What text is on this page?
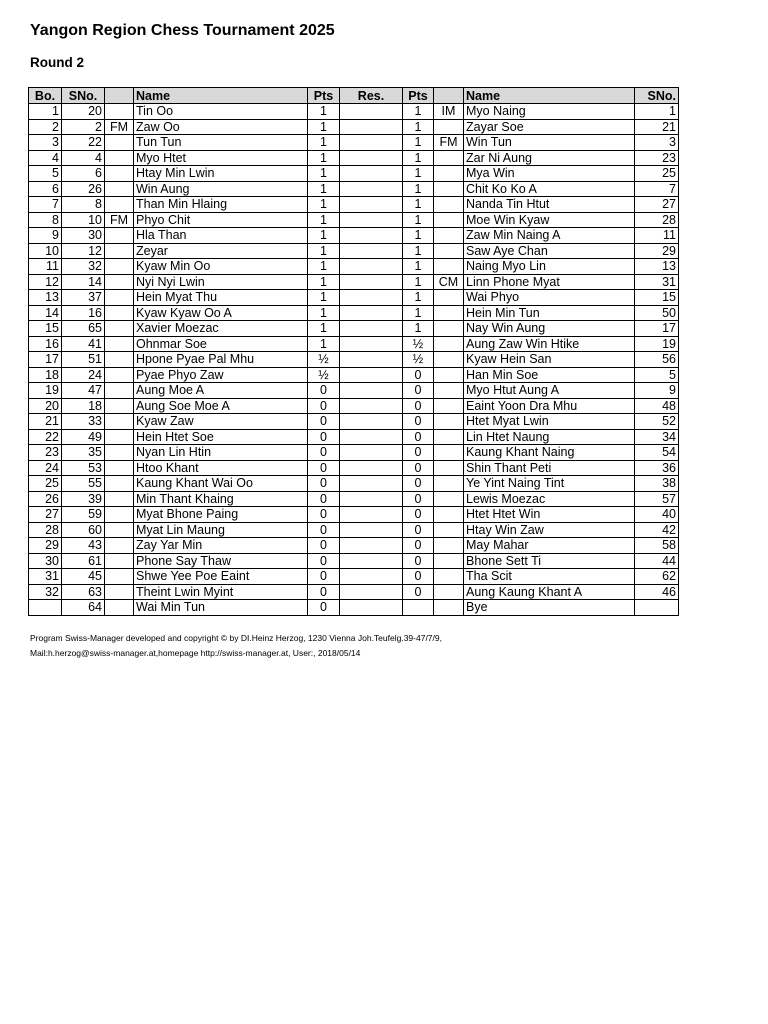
Yangon Region Chess Tournament 2025
Round 2
Bo.	SNo.		Name	Pts	Res.	Pts		Name	SNo.
1	20		Tin Oo	1		1	IM	Myo Naing	1
2	2	FM	Zaw Oo	1		1		Zayar Soe	21
3	22		Tun Tun	1		1	FM	Win Tun	3
4	4		Myo Htet	1		1		Zar Ni Aung	23
5	6		Htay Min Lwin	1		1		Mya Win	25
6	26		Win Aung	1		1		Chit Ko Ko A	7
7	8		Than Min Hlaing	1		1		Nanda Tin Htut	27
8	10	FM	Phyo Chit	1		1		Moe Win Kyaw	28
9	30		Hla Than	1		1		Zaw Min Naing A	11
10	12		Zeyar	1		1		Saw Aye Chan	29
11	32		Kyaw Min Oo	1		1		Naing Myo Lin	13
12	14		Nyi Nyi Lwin	1		1	CM	Linn Phone Myat	31
13	37		Hein Myat Thu	1		1		Wai Phyo	15
14	16		Kyaw Kyaw Oo A	1		1		Hein Min Tun	50
15	65		Xavier Moezac	1		1		Nay Win Aung	17
16	41		Ohnmar Soe	1		½		Aung Zaw Win Htike	19
17	51		Hpone Pyae Pal Mhu	½		½		Kyaw Hein San	56
18	24		Pyae Phyo Zaw	½		0		Han Min Soe	5
19	47		Aung Moe A	0		0		Myo Htut Aung A	9
20	18		Aung Soe Moe A	0		0		Eaint Yoon Dra Mhu	48
21	33		Kyaw Zaw	0		0		Htet Myat Lwin	52
22	49		Hein Htet Soe	0		0		Lin Htet Naung	34
23	35		Nyan Lin Htin	0		0		Kaung Khant Naing	54
24	53		Htoo Khant	0		0		Shin Thant Peti	36
25	55		Kaung Khant Wai Oo	0		0		Ye Yint Naing Tint	38
26	39		Min Thant Khaing	0		0		Lewis Moezac	57
27	59		Myat Bhone Paing	0		0		Htet Htet Win	40
28	60		Myat Lin Maung	0		0		Htay Win Zaw	42
29	43		Zay Yar Min	0		0		May Mahar	58
30	61		Phone Say Thaw	0		0		Bhone Sett Ti	44
31	45		Shwe Yee Poe Eaint	0		0		Tha Scit	62
32	63		Theint Lwin Myint	0		0		Aung Kaung Khant A	46
	64		Wai Min Tun	0				Bye	
Program Swiss-Manager developed and copyright © by DI.Heinz Herzog, 1230 Vienna Joh.Teufelg.39-47/7/9,
Mail:h.herzog@swiss-manager.at,homepage http://swiss-manager.at, User:, 2018/05/14
